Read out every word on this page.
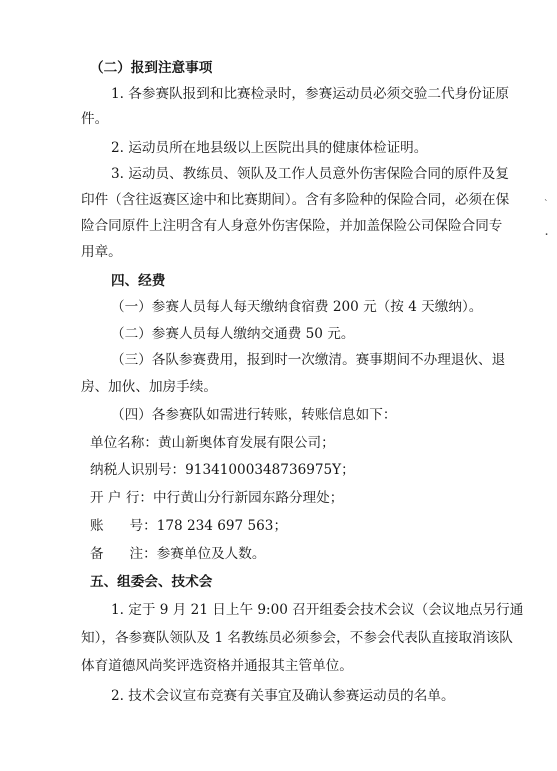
（二）报到注意事项
1. 各参赛队报到和比赛检录时，参赛运动员必须交验二代身份证原
件。
2. 运动员所在地县级以上医院出具的健康体检证明。
3. 运动员、教练员、领队及工作人员意外伤害保险合同的原件及复
印件（含往返赛区途中和比赛期间）。含有多险种的保险合同，必须在保
险合同原件上注明含有人身意外伤害保险，并加盖保险公司保险合同专
用章。
四、经费
（一）参赛人员每人每天缴纳食宿费 200 元（按 4 天缴纳）。
（二）参赛人员每人缴纳交通费 50 元。
（三）各队参赛费用，报到时一次缴清。赛事期间不办理退伙、退
房、加伙、加房手续。
（四）各参赛队如需进行转账，转账信息如下：
单位名称：黄山新奥体育发展有限公司；
纳税人识别号：91341000348736975Y；
开 户 行：中行黄山分行新园东路分理处；
账      号：178 234 697 563；
备      注：参赛单位及人数。
五、组委会、技术会
1. 定于 9 月 21 日上午 9:00 召开组委会技术会议（会议地点另行通
知），各参赛队领队及 1 名教练员必须参会，不参会代表队直接取消该队
体育道德风尚奖评选资格并通报其主管单位。
2. 技术会议宣布竞赛有关事宜及确认参赛运动员的名单。
`
.
